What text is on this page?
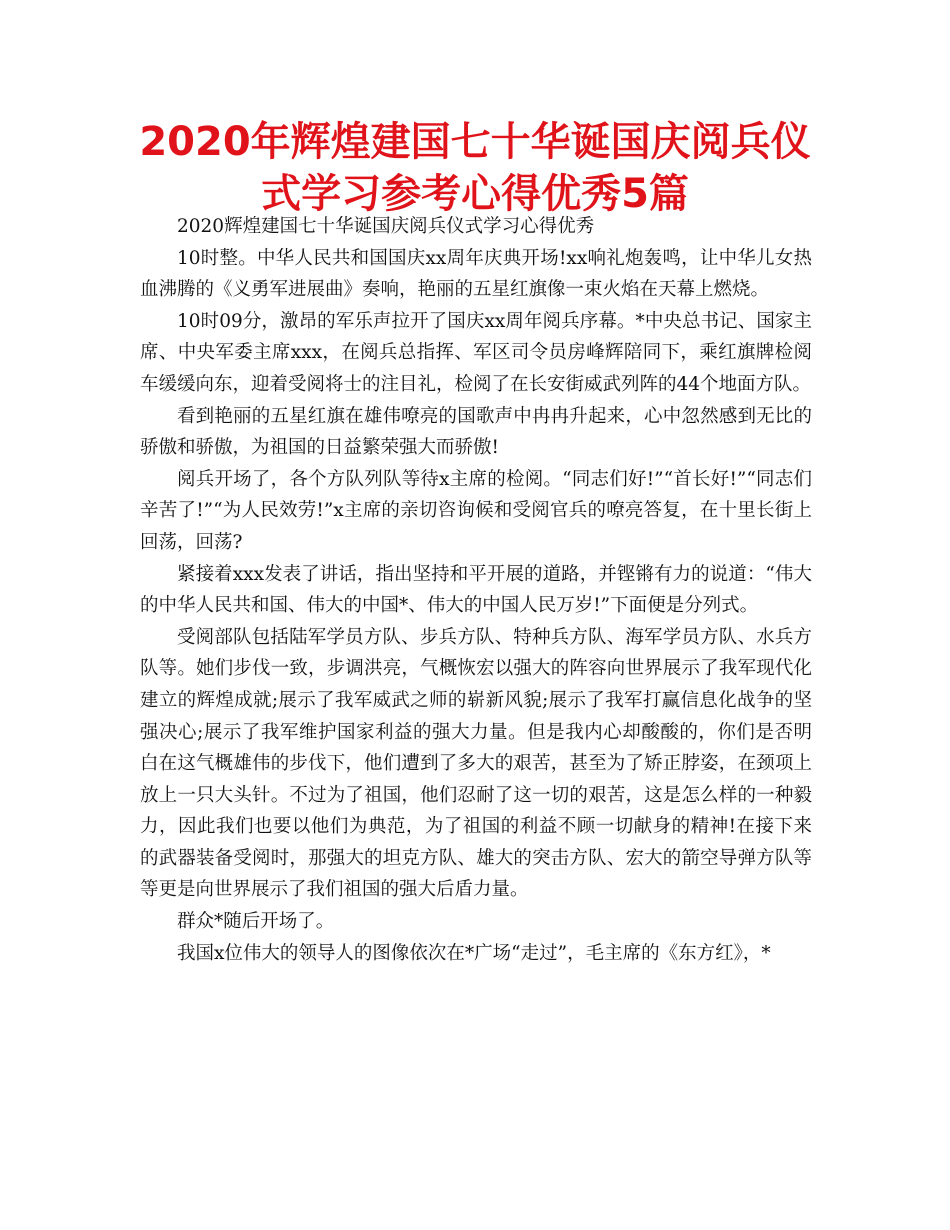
2020年辉煌建国七十华诞国庆阅兵仪式学习参考心得优秀5篇

2020辉煌建国七十华诞国庆阅兵仪式学习心得优秀

10时整。中华人民共和国国庆xx周年庆典开场!xx响礼炮轰鸣，让中华儿女热血沸腾的《义勇军进展曲》奏响，艳丽的五星红旗像一束火焰在天幕上燃烧。

10时09分，激昂的军乐声拉开了国庆xx周年阅兵序幕。*中央总书记、国家主席、中央军委主席xxx，在阅兵总指挥、军区司令员房峰辉陪同下，乘红旗牌检阅车缓缓向东，迎着受阅将士的注目礼，检阅了在长安街威武列阵的44个地面方队。

看到艳丽的五星红旗在雄伟嘹亮的国歌声中冉冉升起来，心中忽然感到无比的骄傲和骄傲，为祖国的日益繁荣强大而骄傲!

阅兵开场了，各个方队列队等待x主席的检阅。“同志们好!”“首长好!”“同志们辛苦了!”“为人民效劳!”x主席的亲切咨询候和受阅官兵的嘹亮答复，在十里长街上回荡，回荡?

紧接着xxx发表了讲话，指出坚持和平开展的道路，并铿锵有力的说道：“伟大的中华人民共和国、伟大的中国*、伟大的中国人民万岁!”下面便是分列式。

受阅部队包括陆军学员方队、步兵方队、特种兵方队、海军学员方队、水兵方队等。她们步伐一致，步调洪亮，气概恢宏以强大的阵容向世界展示了我军现代化建立的辉煌成就;展示了我军威武之师的崭新风貌;展示了我军打赢信息化战争的坚强决心;展示了我军维护国家利益的强大力量。但是我内心却酸酸的，你们是否明白在这气概雄伟的步伐下，他们遭到了多大的艰苦，甚至为了矫正脖姿，在颈项上放上一只大头针。不过为了祖国，他们忍耐了这一切的艰苦，这是怎么样的一种毅力，因此我们也要以他们为典范，为了祖国的利益不顾一切献身的精神!在接下来的武器装备受阅时，那强大的坦克方队、雄大的突击方队、宏大的箭空导弹方队等等更是向世界展示了我们祖国的强大后盾力量。

群众*随后开场了。

我国x位伟大的领导人的图像依次在*广场“走过”，毛主席的《东方红》，*
